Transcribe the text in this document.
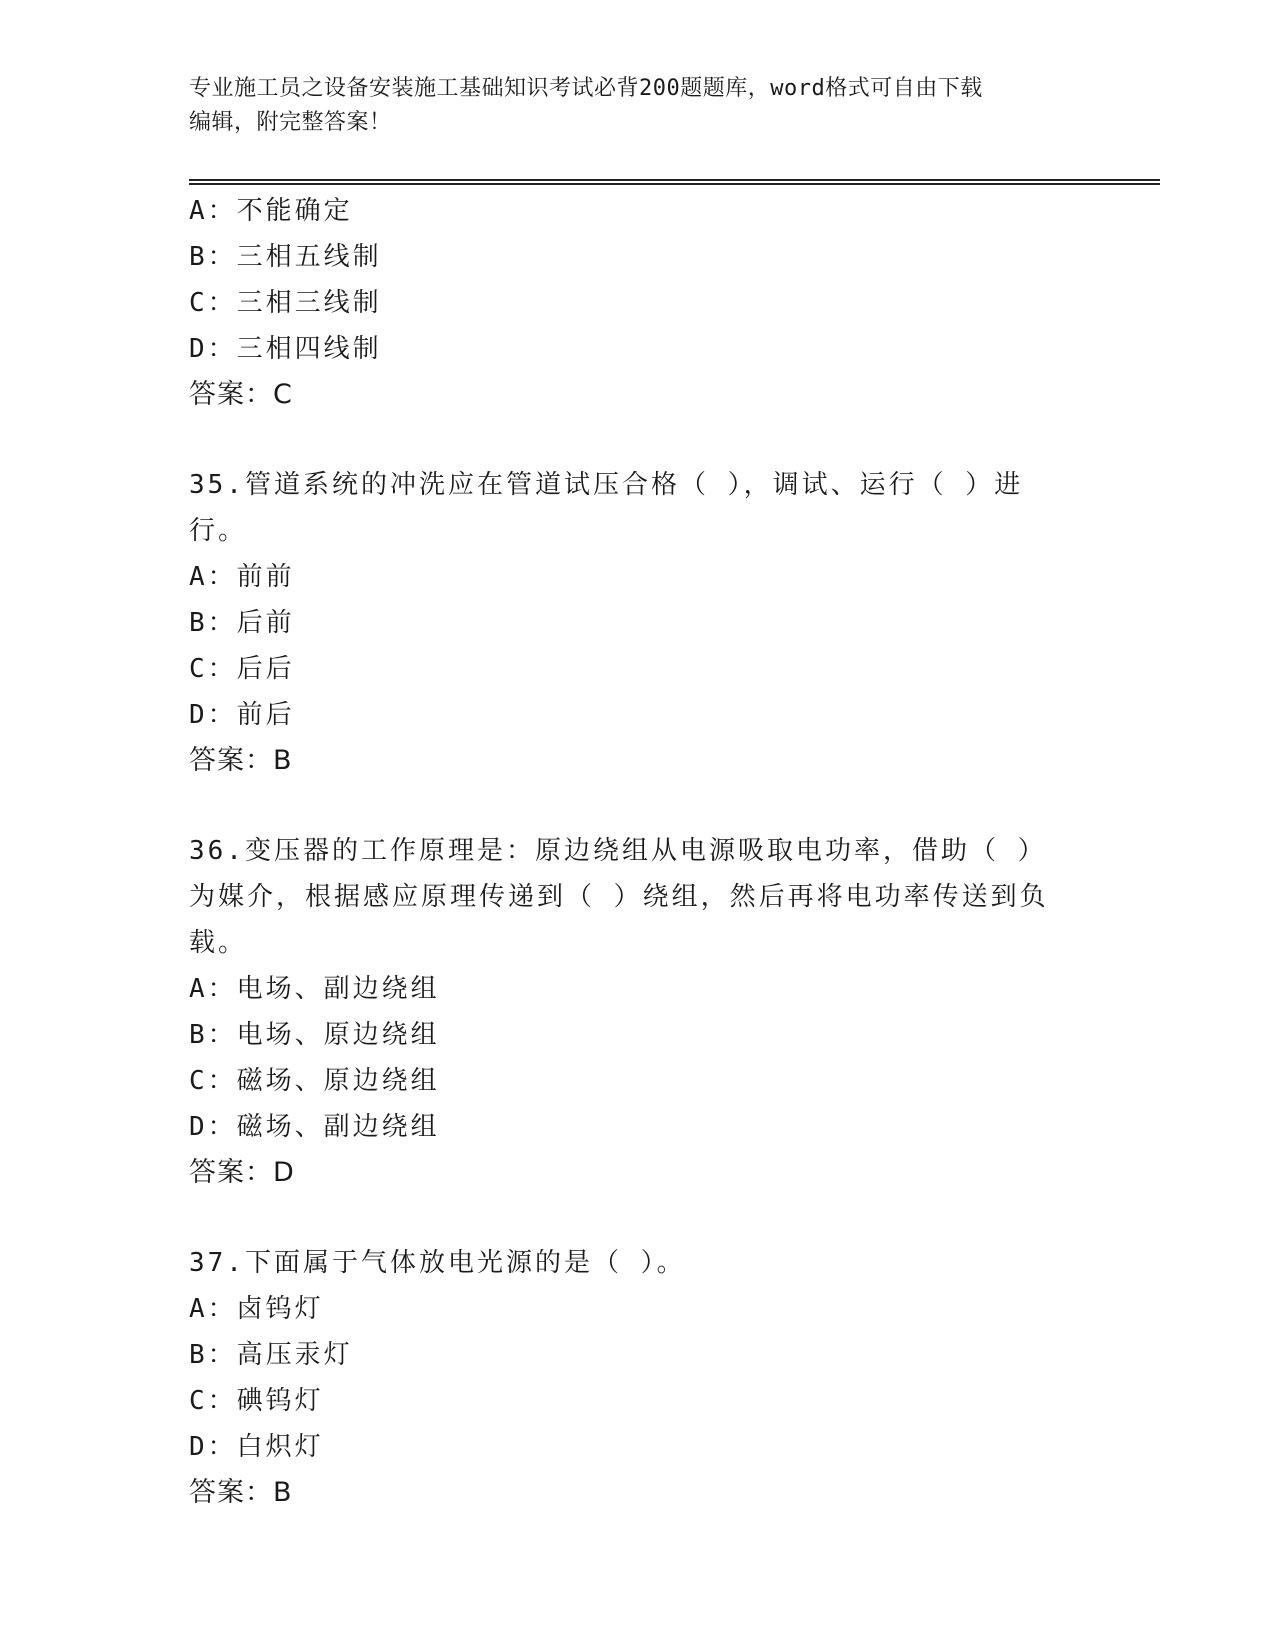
专业施工员之设备安装施工基础知识考试必背200题题库，word格式可自由下载
编辑，附完整答案！
A：不能确定
B：三相五线制
C：三相三线制
D：三相四线制
答案：C
35.管道系统的冲洗应在管道试压合格（ ），调试、运行（ ）进行。
A：前前
B：后前
C：后后
D：前后
答案：B
36.变压器的工作原理是：原边绕组从电源吸取电功率，借助（ ）为媒介，根据感应原理传递到（ ）绕组，然后再将电功率传送到负载。
A：电场、副边绕组
B：电场、原边绕组
C：磁场、原边绕组
D：磁场、副边绕组
答案：D
37.下面属于气体放电光源的是（ ）。
A：卤钨灯
B：高压汞灯
C：碘钨灯
D：白炽灯
答案：B
